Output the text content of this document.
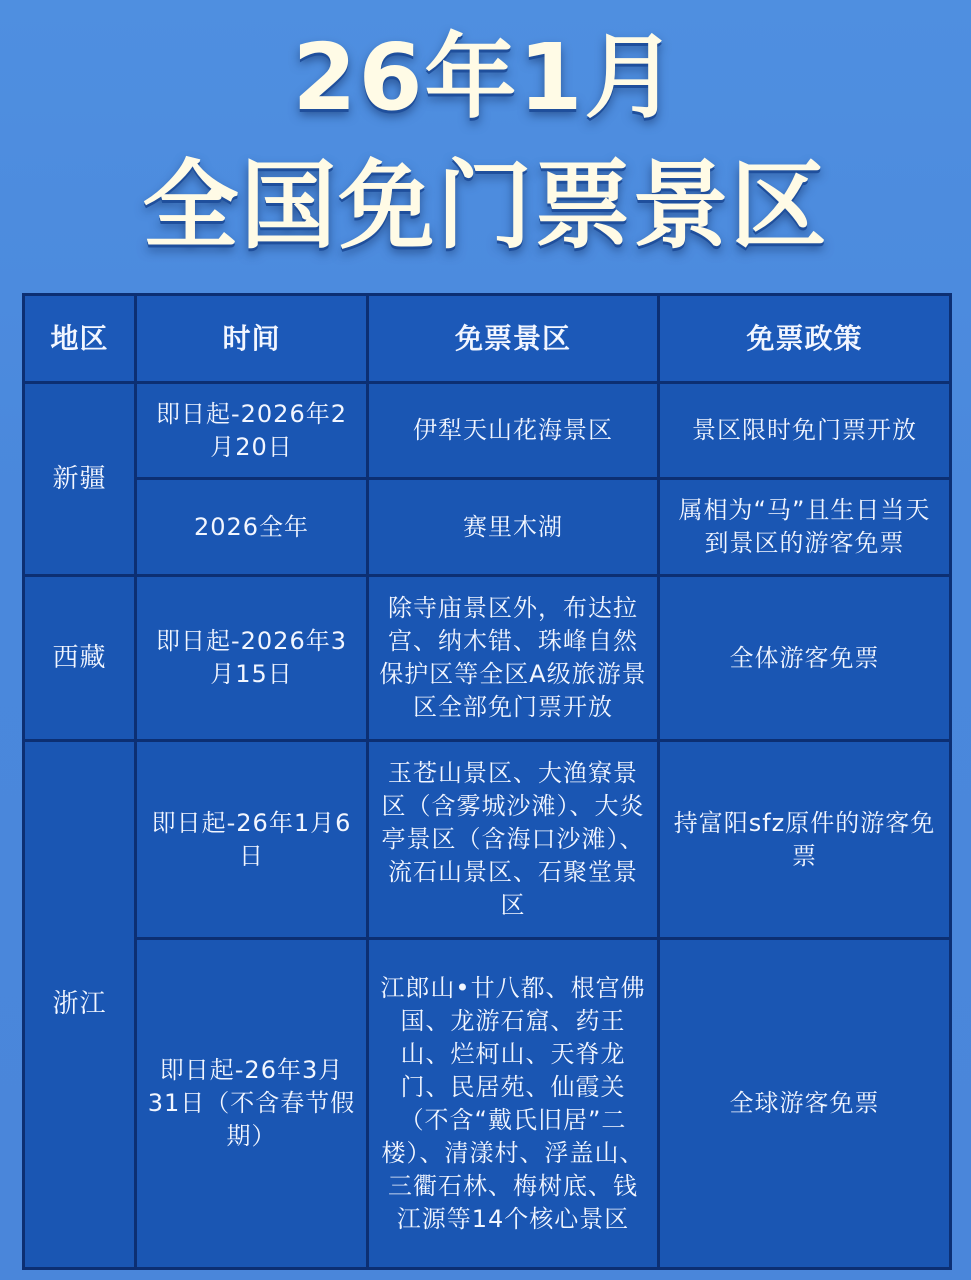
26年1月
全国免门票景区
地区	时间	免票景区	免票政策
新疆	即日起-2026年2月20日	伊犁天山花海景区	景区限时免门票开放
	2026全年	赛里木湖	属相为“马”且生日当天到景区的游客免票
西藏	即日起-2026年3月15日	除寺庙景区外，布达拉宫、纳木错、珠峰自然保护区等全区A级旅游景区全部免门票开放	全体游客免票
浙江	即日起-26年1月6日	玉苍山景区、大渔寮景区（含雾城沙滩）、大炎亭景区（含海口沙滩）、流石山景区、石聚堂景区	持富阳sfz原件的游客免票
	即日起-26年3月31日（不含春节假期）	江郎山•廿八都、根宫佛国、龙游石窟、药王山、烂柯山、天脊龙门、民居苑、仙霞关（不含“戴氏旧居”二楼）、清漾村、浮盖山、三衢石林、梅树底、钱江源等14个核心景区	全球游客免票
